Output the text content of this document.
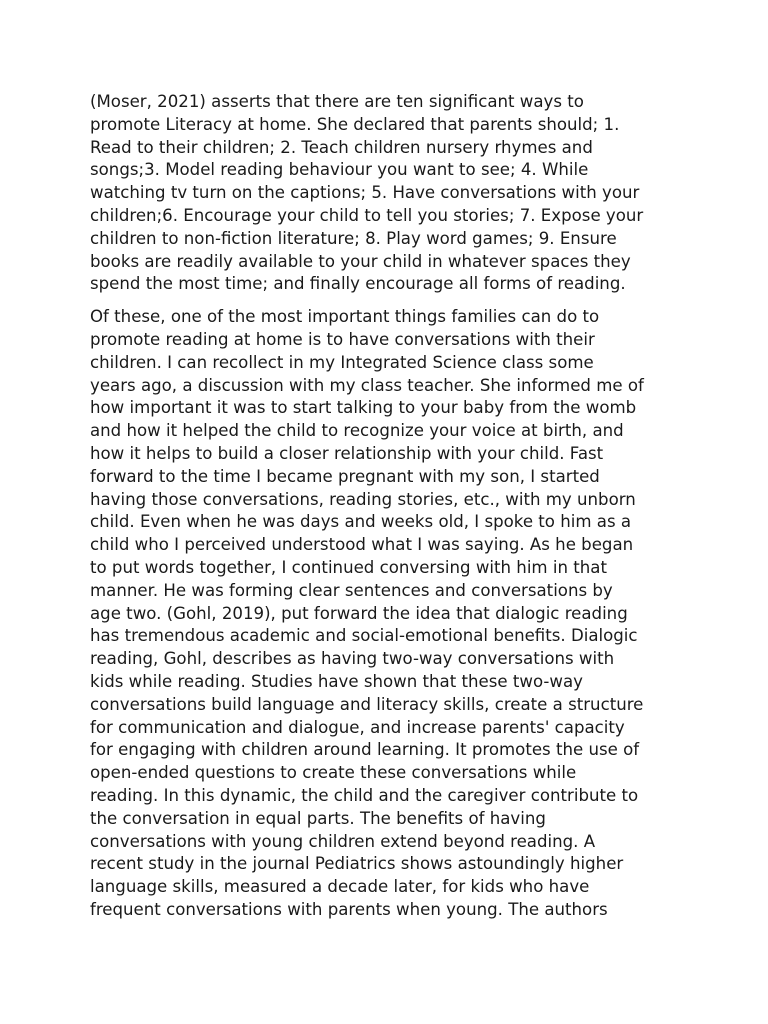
(Moser, 2021) asserts that there are ten significant ways to
promote Literacy at home. She declared that parents should; 1.
Read to their children; 2. Teach children nursery rhymes and
songs;3. Model reading behaviour you want to see; 4. While
watching tv turn on the captions; 5. Have conversations with your
children;6. Encourage your child to tell you stories; 7. Expose your
children to non-fiction literature; 8. Play word games; 9. Ensure
books are readily available to your child in whatever spaces they
spend the most time; and finally encourage all forms of reading.

Of these, one of the most important things families can do to
promote reading at home is to have conversations with their
children. I can recollect in my Integrated Science class some
years ago, a discussion with my class teacher. She informed me of
how important it was to start talking to your baby from the womb
and how it helped the child to recognize your voice at birth, and
how it helps to build a closer relationship with your child. Fast
forward to the time I became pregnant with my son, I started
having those conversations, reading stories, etc., with my unborn
child. Even when he was days and weeks old, I spoke to him as a
child who I perceived understood what I was saying. As he began
to put words together, I continued conversing with him in that
manner. He was forming clear sentences and conversations by
age two. (Gohl, 2019), put forward the idea that dialogic reading
has tremendous academic and social-emotional benefits. Dialogic
reading, Gohl, describes as having two-way conversations with
kids while reading. Studies have shown that these two-way
conversations build language and literacy skills, create a structure
for communication and dialogue, and increase parents' capacity
for engaging with children around learning. It promotes the use of
open-ended questions to create these conversations while
reading. In this dynamic, the child and the caregiver contribute to
the conversation in equal parts. The benefits of having
conversations with young children extend beyond reading. A
recent study in the journal Pediatrics shows astoundingly higher
language skills, measured a decade later, for kids who have
frequent conversations with parents when young. The authors
